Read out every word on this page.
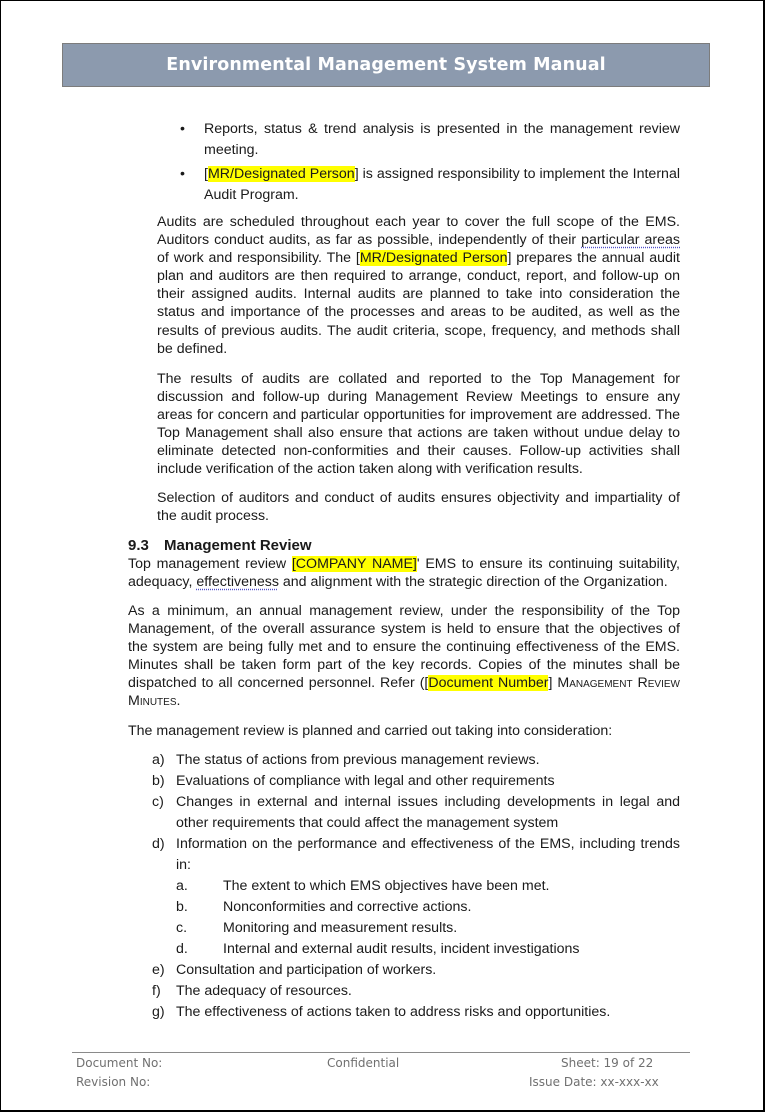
Environmental Management System Manual
• Reports, status & trend analysis is presented in the management review meeting.
• [MR/Designated Person] is assigned responsibility to implement the Internal Audit Program.

Audits are scheduled throughout each year to cover the full scope of the EMS. Auditors conduct audits, as far as possible, independently of their particular areas of work and responsibility. The [MR/Designated Person] prepares the annual audit plan and auditors are then required to arrange, conduct, report, and follow-up on their assigned audits. Internal audits are planned to take into consideration the status and importance of the processes and areas to be audited, as well as the results of previous audits. The audit criteria, scope, frequency, and methods shall be defined.

The results of audits are collated and reported to the Top Management for discussion and follow-up during Management Review Meetings to ensure any areas for concern and particular opportunities for improvement are addressed. The Top Management shall also ensure that actions are taken without undue delay to eliminate detected non-conformities and their causes. Follow-up activities shall include verification of the action taken along with verification results.

Selection of auditors and conduct of audits ensures objectivity and impartiality of the audit process.

9.3 Management Review

Top management review [COMPANY NAME]' EMS to ensure its continuing suitability, adequacy, effectiveness and alignment with the strategic direction of the Organization.

As a minimum, an annual management review, under the responsibility of the Top Management, of the overall assurance system is held to ensure that the objectives of the system are being fully met and to ensure the continuing effectiveness of the EMS. Minutes shall be taken form part of the key records. Copies of the minutes shall be dispatched to all concerned personnel. Refer ([Document Number] Management Review Minutes.

The management review is planned and carried out taking into consideration:

a) The status of actions from previous management reviews.
b) Evaluations of compliance with legal and other requirements
c) Changes in external and internal issues including developments in legal and other requirements that could affect the management system
d) Information on the performance and effectiveness of the EMS, including trends in:
a. The extent to which EMS objectives have been met.
b. Nonconformities and corrective actions.
c.	Monitoring and measurement results.
d. Internal and external audit results, incident investigations
e) Consultation and participation of workers.
f) The adequacy of resources.
g) The effectiveness of actions taken to address risks and opportunities.
Document No:	Confidential	Sheet: 19 of 22
Revision No:	Issue Date: xx-xxx-xx
